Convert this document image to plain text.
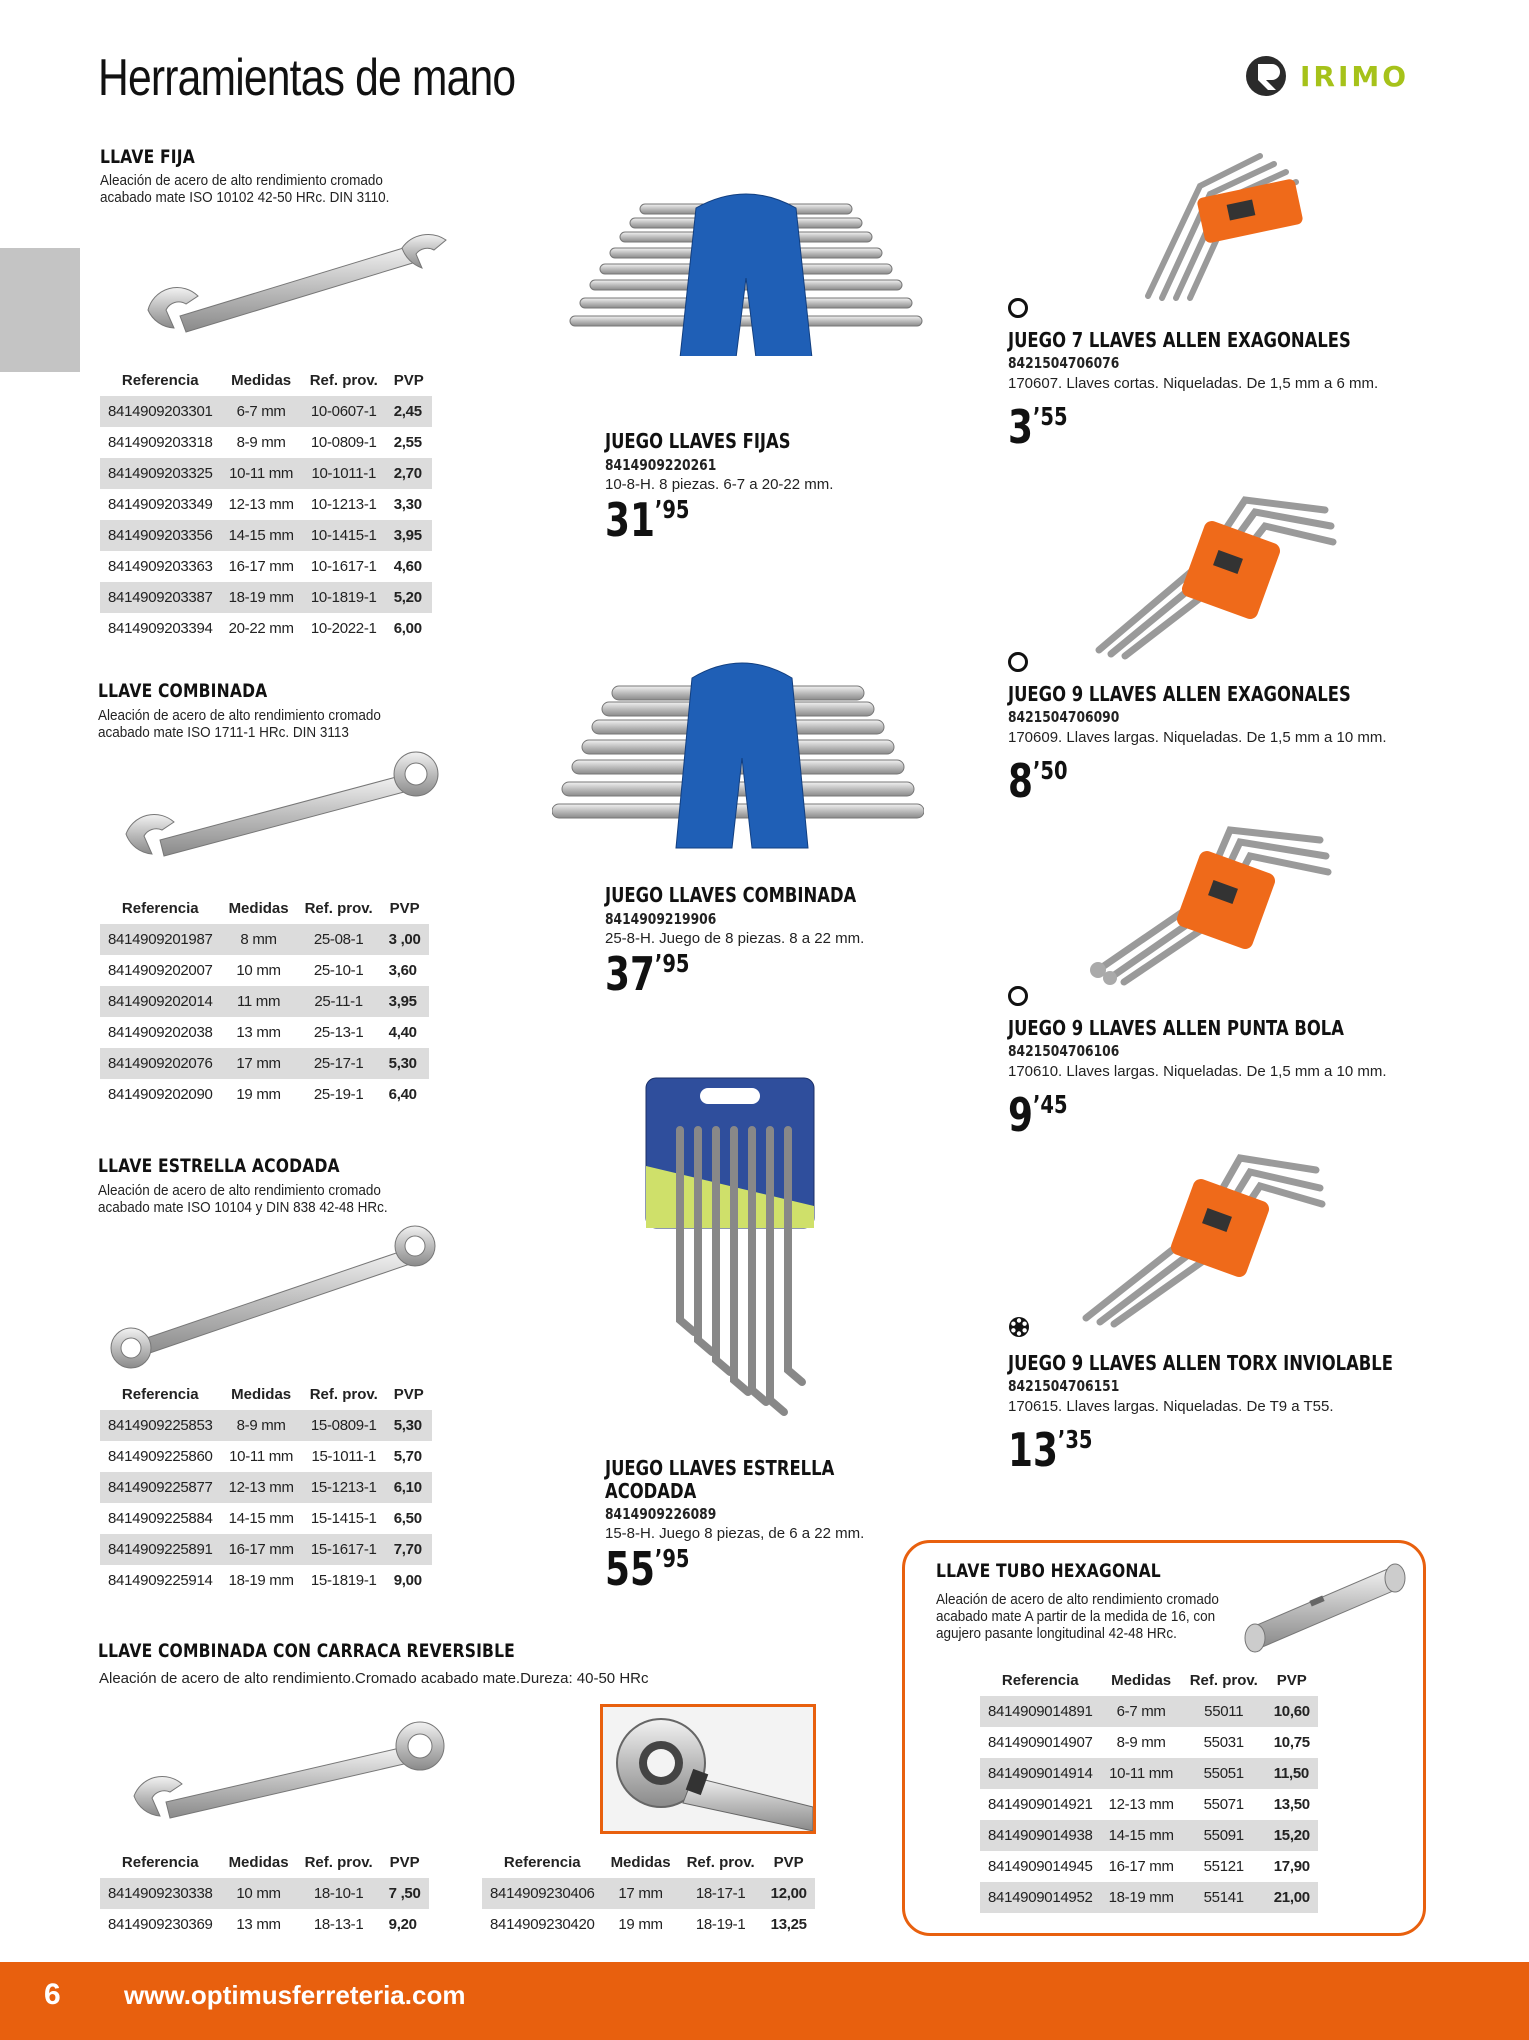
Herramientas de mano	IRIMO
LLAVE FIJA
Aleación de acero de alto rendimiento cromado
acabado mate ISO 10102 42-50 HRc. DIN 3110.
Referencia	Medidas	Ref. prov.	PVP
8414909203301	6-7 mm	10-0607-1	2,45
8414909203318	8-9 mm	10-0809-1	2,55
8414909203325	10-11 mm	10-1011-1	2,70
8414909203349	12-13 mm	10-1213-1	3,30
8414909203356	14-15 mm	10-1415-1	3,95
8414909203363	16-17 mm	10-1617-1	4,60
8414909203387	18-19 mm	10-1819-1	5,20
8414909203394	20-22 mm	10-2022-1	6,00
LLAVE COMBINADA
Aleación de acero de alto rendimiento cromado
acabado mate ISO 1711-1 HRc. DIN 3113
Referencia	Medidas	Ref. prov.	PVP
8414909201987	8 mm	25-08-1	3 ,00
8414909202007	10 mm	25-10-1	3,60
8414909202014	11 mm	25-11-1	3,95
8414909202038	13 mm	25-13-1	4,40
8414909202076	17 mm	25-17-1	5,30
8414909202090	19 mm	25-19-1	6,40
LLAVE ESTRELLA ACODADA
Aleación de acero de alto rendimiento cromado
acabado mate ISO 10104 y DIN 838 42-48 HRc.
Referencia	Medidas	Ref. prov.	PVP
8414909225853	8-9 mm	15-0809-1	5,30
8414909225860	10-11 mm	15-1011-1	5,70
8414909225877	12-13 mm	15-1213-1	6,10
8414909225884	14-15 mm	15-1415-1	6,50
8414909225891	16-17 mm	15-1617-1	7,70
8414909225914	18-19 mm	15-1819-1	9,00
LLAVE COMBINADA CON CARRACA REVERSIBLE
Aleación de acero de alto rendimiento.Cromado acabado mate.Dureza: 40-50 HRc
Referencia	Medidas	Ref. prov.	PVP
8414909230338	10 mm	18-10-1	7 ,50
8414909230369	13 mm	18-13-1	9,20
Referencia	Medidas	Ref. prov.	PVP
8414909230406	17 mm	18-17-1	12,00
8414909230420	19 mm	18-19-1	13,25
JUEGO LLAVES FIJAS
8414909220261
10-8-H. 8 piezas. 6-7 a 20-22 mm.
31’95
JUEGO LLAVES COMBINADA
8414909219906
25-8-H. Juego de 8 piezas. 8 a 22 mm.
37’95
JUEGO LLAVES ESTRELLA
ACODADA
8414909226089
15-8-H. Juego 8 piezas, de 6 a 22 mm.
55’95
JUEGO 7 LLAVES ALLEN EXAGONALES
8421504706076
170607. Llaves cortas. Niqueladas. De 1,5 mm a 6 mm.
3’55
JUEGO 9 LLAVES ALLEN EXAGONALES
8421504706090
170609. Llaves largas. Niqueladas. De 1,5 mm a 10 mm.
8’50
JUEGO 9 LLAVES ALLEN PUNTA BOLA
8421504706106
170610. Llaves largas. Niqueladas. De 1,5 mm a 10 mm.
9’45
JUEGO 9 LLAVES ALLEN TORX INVIOLABLE
8421504706151
170615. Llaves largas. Niqueladas. De T9 a T55.
13’35
LLAVE TUBO HEXAGONAL
Aleación de acero de alto rendimiento cromado
acabado mate A partir de la medida de 16, con
agujero pasante longitudinal 42-48 HRc.
Referencia	Medidas	Ref. prov.	PVP
8414909014891	6-7 mm	55011	10,60
8414909014907	8-9 mm	55031	10,75
8414909014914	10-11 mm	55051	11,50
8414909014921	12-13 mm	55071	13,50
8414909014938	14-15 mm	55091	15,20
8414909014945	16-17 mm	55121	17,90
8414909014952	18-19 mm	55141	21,00
6 www.optimusferreteria.com
